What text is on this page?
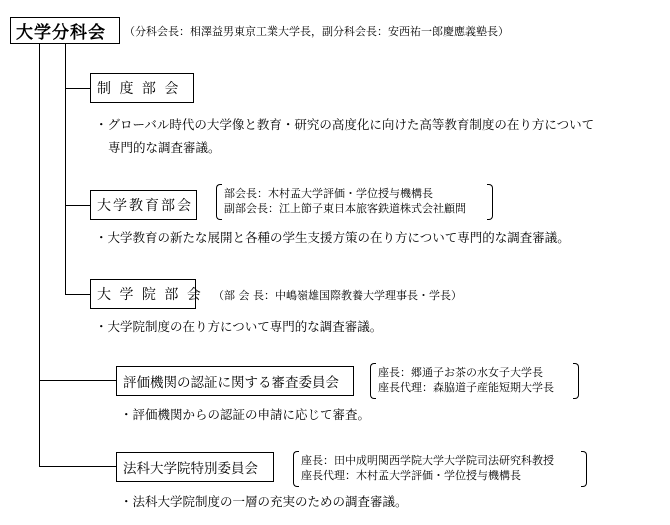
大学分科会 （分科会長：相澤益男東京工業大学長，副分科会長：安西祐一郎慶應義塾長）
制 度 部 会
・グローバル時代の大学像と教育・研究の高度化に向けた高等教育制度の在り方について
専門的な調査審議。
大学教育部会
部会長：木村孟大学評価・学位授与機構長
副部会長：江上節子東日本旅客鉄道株式会社顧問
・大学教育の新たな展開と各種の学生支援方策の在り方について専門的な調査審議。
大 学 院 部 会 （部 会 長：中嶋嶺雄国際教養大学理事長・学長）
・大学院制度の在り方について専門的な調査審議。
評価機関の認証に関する審査委員会
座長：郷通子お茶の水女子大学長
座長代理：森脇道子産能短期大学長
・評価機関からの認証の申請に応じて審査。
法科大学院特別委員会
座長：田中成明関西学院大学大学院司法研究科教授
座長代理：木村孟大学評価・学位授与機構長
・法科大学院制度の一層の充実のための調査審議。
